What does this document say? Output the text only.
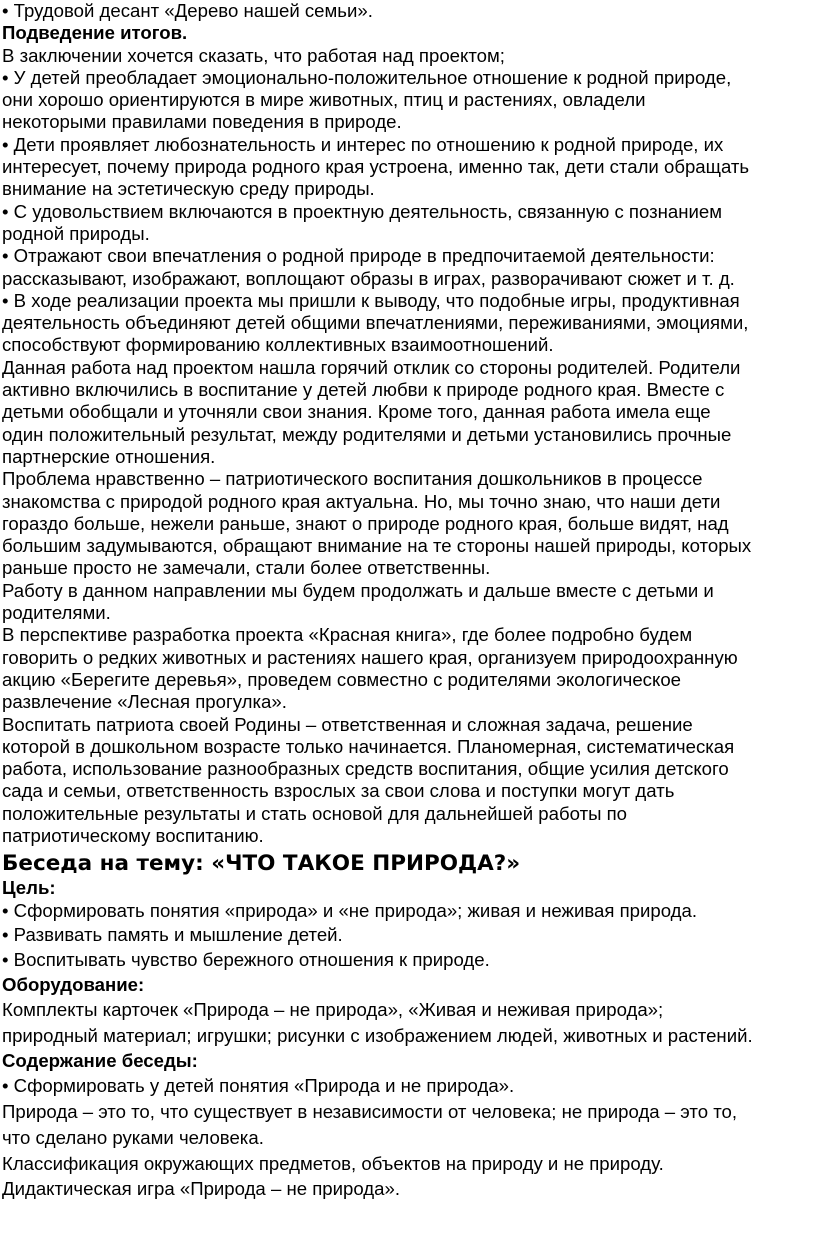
• Трудовой десант «Дерево нашей семьи».
Подведение итогов.
В заключении хочется сказать, что работая над проектом;
• У детей преобладает эмоционально-положительное отношение к родной природе,
они хорошо ориентируются в мире животных, птиц и растениях, овладели
некоторыми правилами поведения в природе.
• Дети проявляет любознательность и интерес по отношению к родной природе, их
интересует, почему природа родного края устроена, именно так, дети стали обращать
внимание на эстетическую среду природы.
• С удовольствием включаются в проектную деятельность, связанную с познанием
родной природы.
• Отражают свои впечатления о родной природе в предпочитаемой деятельности:
рассказывают, изображают, воплощают образы в играх, разворачивают сюжет и т. д.
• В ходе реализации проекта мы пришли к выводу, что подобные игры, продуктивная
деятельность объединяют детей общими впечатлениями, переживаниями, эмоциями,
способствуют формированию коллективных взаимоотношений.
Данная работа над проектом нашла горячий отклик со стороны родителей. Родители
активно включились в воспитание у детей любви к природе родного края. Вместе с
детьми обобщали и уточняли свои знания. Кроме того, данная работа имела еще
один положительный результат, между родителями и детьми установились прочные
партнерские отношения.
Проблема нравственно – патриотического воспитания дошкольников в процессе
знакомства с природой родного края актуальна. Но, мы точно знаю, что наши дети
гораздо больше, нежели раньше, знают о природе родного края, больше видят, над
большим задумываются, обращают внимание на те стороны нашей природы, которых
раньше просто не замечали, стали более ответственны.
Работу в данном направлении мы будем продолжать и дальше вместе с детьми и
родителями.
В перспективе разработка проекта «Красная книга», где более подробно будем
говорить о редких животных и растениях нашего края, организуем природоохранную
акцию «Берегите деревья», проведем совместно с родителями экологическое
развлечение «Лесная прогулка».
Воспитать патриота своей Родины – ответственная и сложная задача, решение
которой в дошкольном возрасте только начинается. Планомерная, систематическая
работа, использование разнообразных средств воспитания, общие усилия детского
сада и семьи, ответственность взрослых за свои слова и поступки могут дать
положительные результаты и стать основой для дальнейшей работы по
патриотическому воспитанию.
Беседа на тему: «ЧТО ТАКОЕ ПРИРОДА?»
Цель:
• Сформировать понятия «природа» и «не природа»; живая и неживая природа.
• Развивать память и мышление детей.
• Воспитывать чувство бережного отношения к природе.
Оборудование:
Комплекты карточек «Природа – не природа», «Живая и неживая природа»;
природный материал; игрушки; рисунки с изображением людей, животных и растений.
Содержание беседы:
• Сформировать у детей понятия «Природа и не природа».
Природа – это то, что существует в независимости от человека; не природа – это то,
что сделано руками человека.
Классификация окружающих предметов, объектов на природу и не природу.
Дидактическая игра «Природа – не природа».
